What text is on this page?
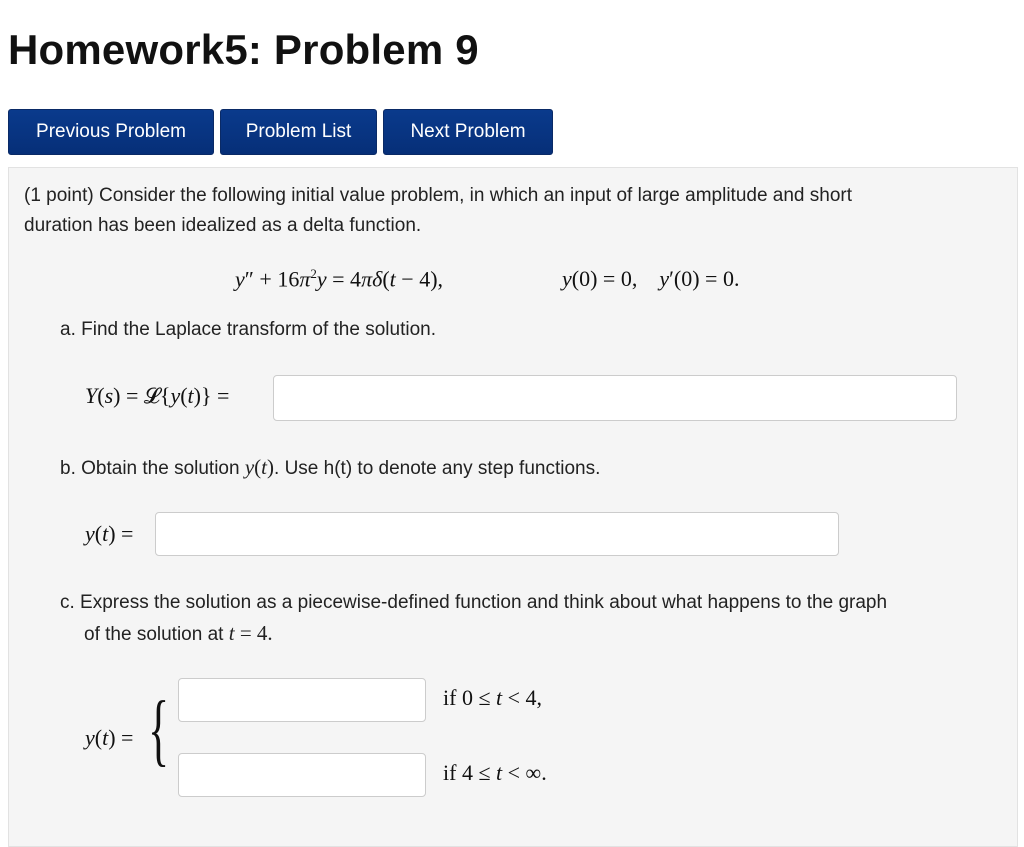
Homework5: Problem 9
Previous Problem	Problem List	Next Problem
(1 point) Consider the following initial value problem, in which an input of large amplitude and short
duration has been idealized as a delta function.
$y'' + 16\pi^2y = 4\pi\delta(t - 4)$,	y(0) = 0,    y′(0) = 0.
a. Find the Laplace transform of the solution.
Y(s) = 𝓛{y(t)} =
b. Obtain the solution y(t). Use h(t) to denote any step functions.
y(t) =
c. Express the solution as a piecewise-defined function and think about what happens to the graph
of the solution at t = 4.
y(t) = {	if 0 ≤ t < 4,
if 4 ≤ t < ∞.
